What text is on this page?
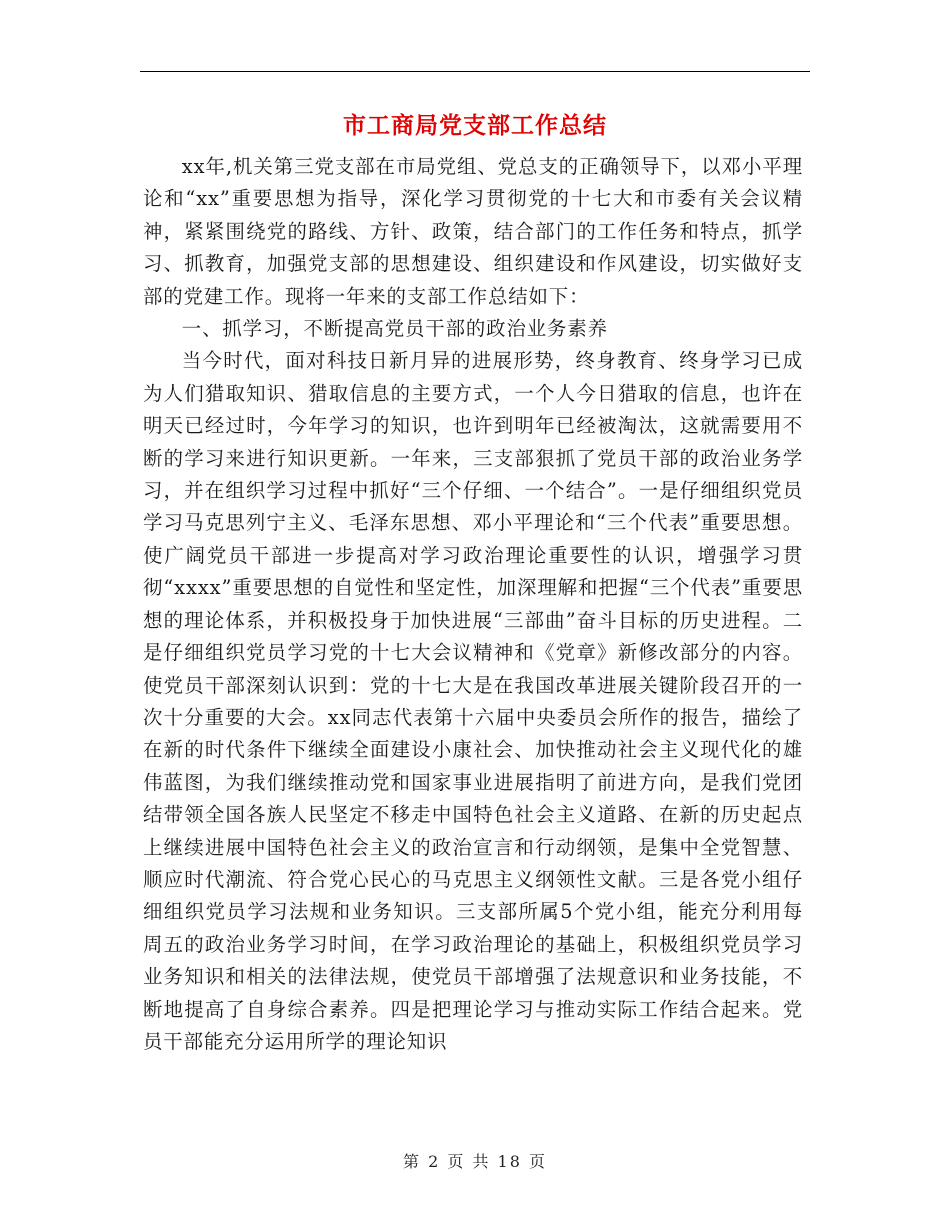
市工商局党支部工作总结

xx年,机关第三党支部在市局党组、党总支的正确领导下，以邓小平理论和“xx”重要思想为指导，深化学习贯彻党的十七大和市委有关会议精神，紧紧围绕党的路线、方针、政策，结合部门的工作任务和特点，抓学习、抓教育，加强党支部的思想建设、组织建设和作风建设，切实做好支部的党建工作。现将一年来的支部工作总结如下：

一、抓学习，不断提高党员干部的政治业务素养

当今时代，面对科技日新月异的进展形势，终身教育、终身学习已成为人们猎取知识、猎取信息的主要方式，一个人今日猎取的信息，也许在明天已经过时，今年学习的知识，也许到明年已经被淘汰，这就需要用不断的学习来进行知识更新。一年来，三支部狠抓了党员干部的政治业务学习，并在组织学习过程中抓好“三个仔细、一个结合”。一是仔细组织党员学习马克思列宁主义、毛泽东思想、邓小平理论和“三个代表”重要思想。使广阔党员干部进一步提高对学习政治理论重要性的认识，增强学习贯彻“xxxx”重要思想的自觉性和坚定性，加深理解和把握“三个代表”重要思想的理论体系，并积极投身于加快进展“三部曲”奋斗目标的历史进程。二是仔细组织党员学习党的十七大会议精神和《党章》新修改部分的内容。使党员干部深刻认识到：党的十七大是在我国改革进展关键阶段召开的一次十分重要的大会。xx同志代表第十六届中央委员会所作的报告，描绘了在新的时代条件下继续全面建设小康社会、加快推动社会主义现代化的雄伟蓝图，为我们继续推动党和国家事业进展指明了前进方向，是我们党团结带领全国各族人民坚定不移走中国特色社会主义道路、在新的历史起点上继续进展中国特色社会主义的政治宣言和行动纲领，是集中全党智慧、顺应时代潮流、符合党心民心的马克思主义纲领性文献。三是各党小组仔细组织党员学习法规和业务知识。三支部所属5个党小组，能充分利用每周五的政治业务学习时间，在学习政治理论的基础上，积极组织党员学习业务知识和相关的法律法规，使党员干部增强了法规意识和业务技能，不断地提高了自身综合素养。四是把理论学习与推动实际工作结合起来。党员干部能充分运用所学的理论知识

第 2 页 共 18 页
